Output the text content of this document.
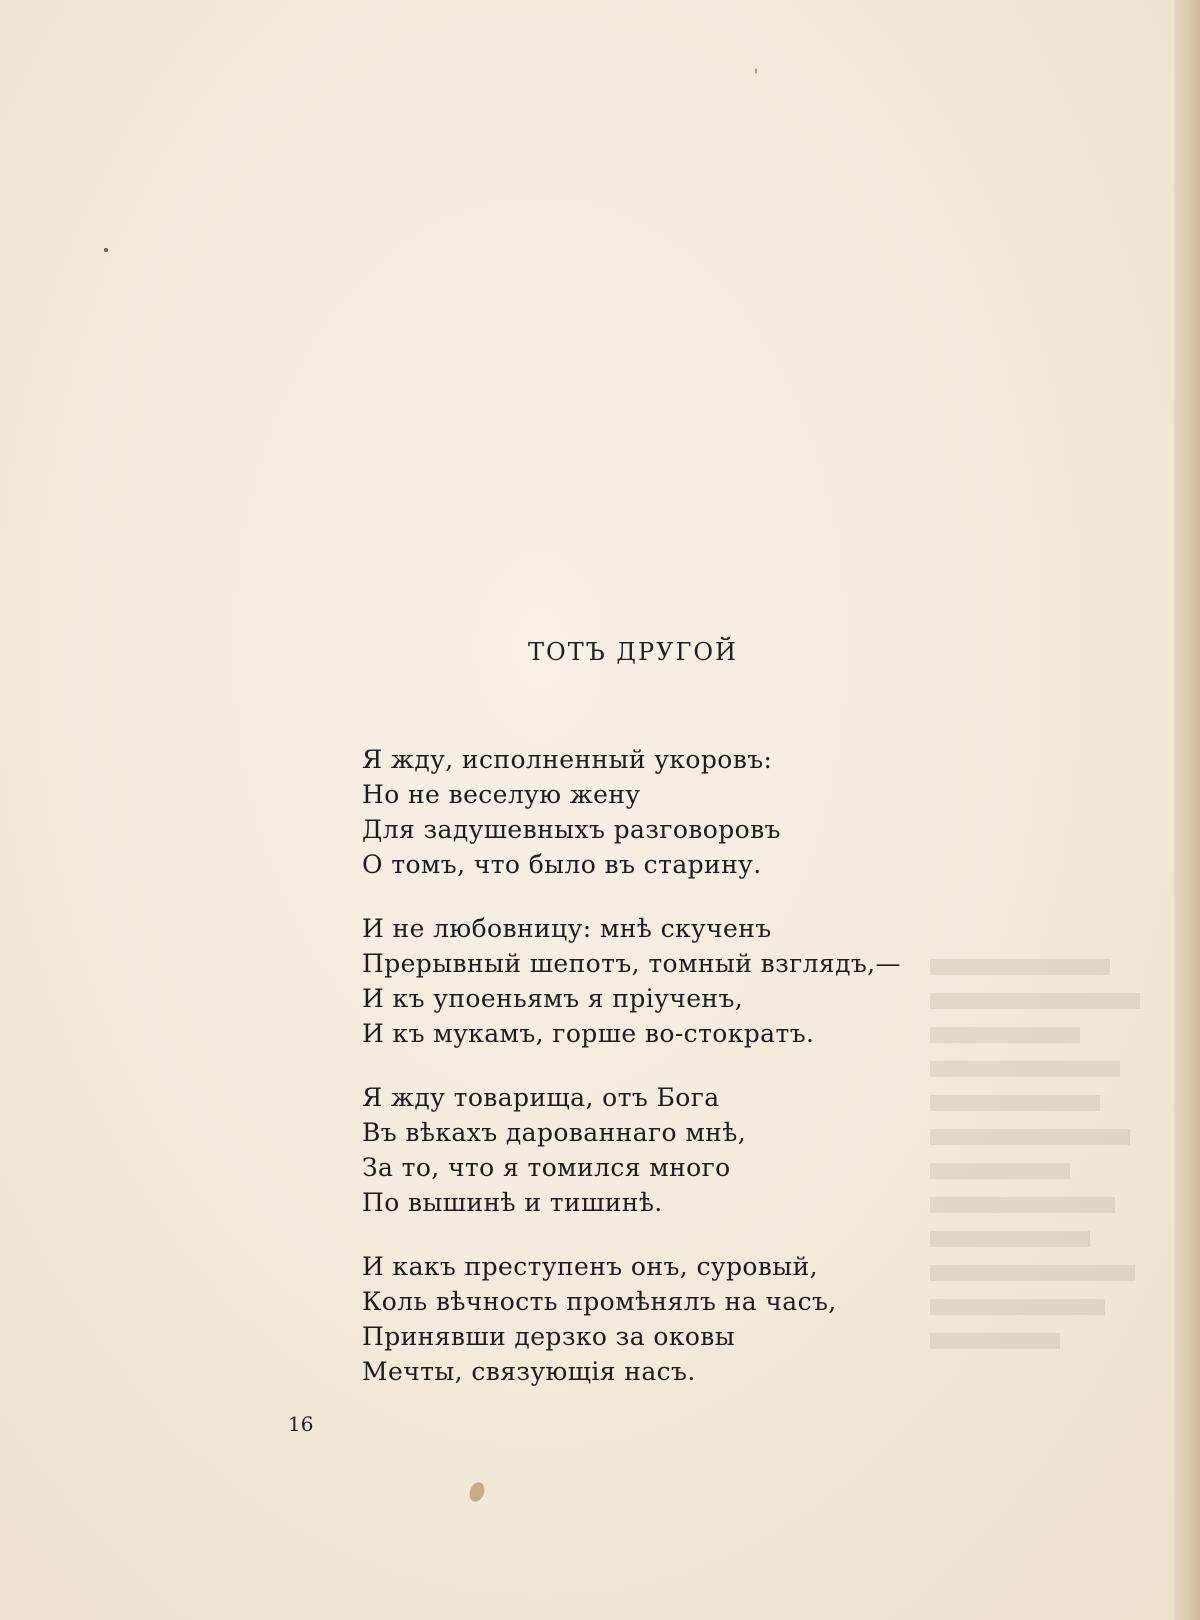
ТОТЪ ДРУГОЙ
Я жду, исполненный укоровъ:
Но не веселую жену
Для задушевныхъ разговоровъ
О томъ, что было въ старину.
И не любовницу: мнѣ скученъ
Прерывный шепотъ, томный взглядъ,—
И къ упоеньямъ я пріученъ,
И къ мукамъ, горше во-стократъ.
Я жду товарища, отъ Бога
Въ вѣкахъ дарованнаго мнѣ,
За то, что я томился много
По вышинѣ и тишинѣ.
И какъ преступенъ онъ, суровый,
Коль вѣчность промѣнялъ на часъ,
Принявши дерзко за оковы
Мечты, связующія насъ.
16
